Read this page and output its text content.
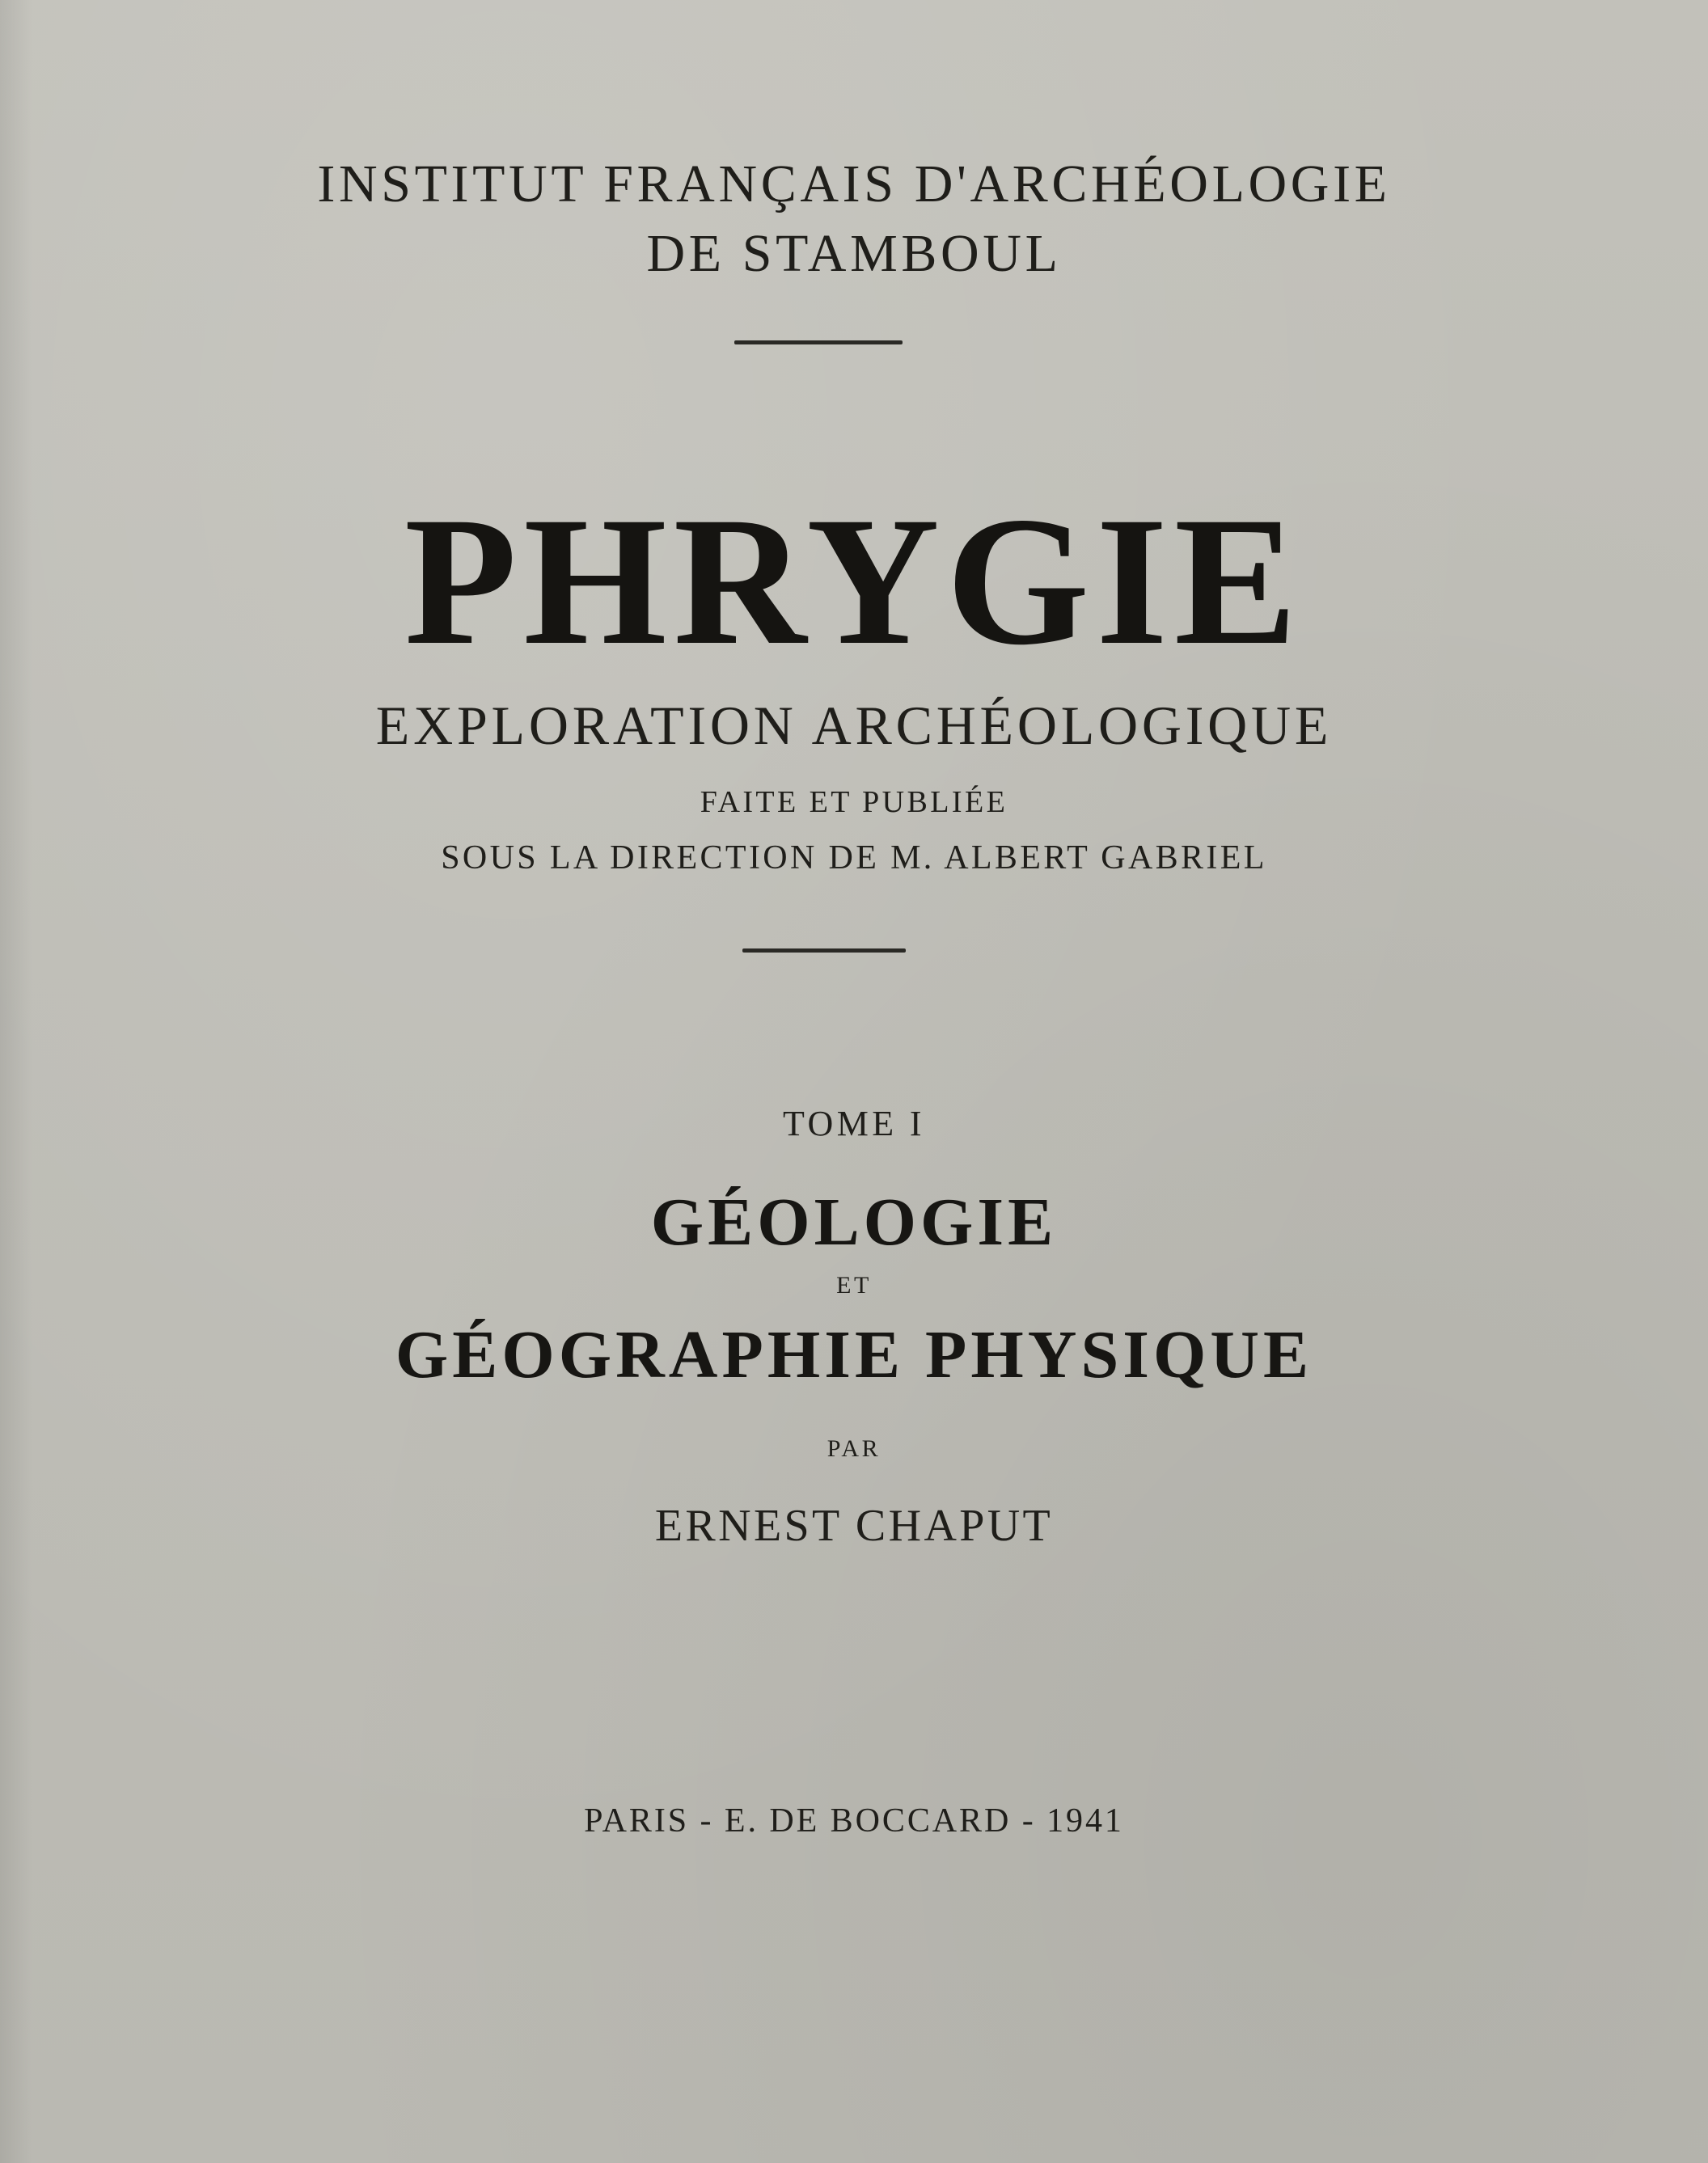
INSTITUT FRANÇAIS D'ARCHÉOLOGIE
DE STAMBOUL
PHRYGIE
EXPLORATION ARCHÉOLOGIQUE
FAITE ET PUBLIÉE
SOUS LA DIRECTION DE M. ALBERT GABRIEL
TOME I
GÉOLOGIE
ET
GÉOGRAPHIE PHYSIQUE
PAR
ERNEST CHAPUT
PARIS - E. DE BOCCARD - 1941
